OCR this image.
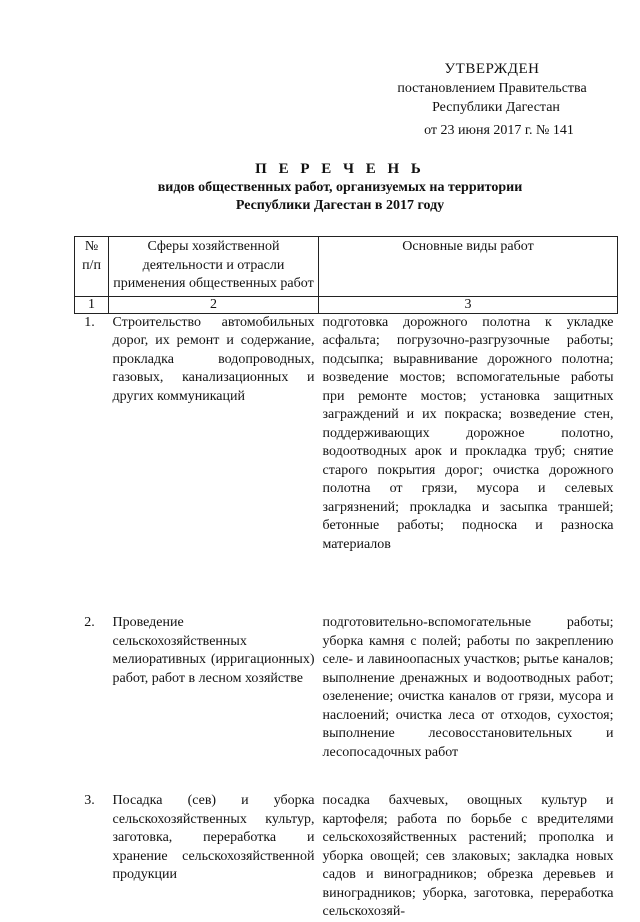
УТВЕРЖДЕН
постановлением Правительства
Республики Дагестан
от 23 июня 2017 г. № 141
П Е Р Е Ч Е Н Ь
видов общественных работ, организуемых на территории
Республики Дагестан в 2017 году
№ п/п	Сферы хозяйственной деятельности и отрасли применения общественных работ	Основные виды работ
1	2	3
1.	Строительство автомобильных дорог, их ремонт и содержание, прокладка водопроводных, газовых, канализационных и других коммуникаций	подготовка дорожного полотна к укладке асфальта; погрузочно-разгрузочные работы; подсыпка; выравнивание дорожного полотна; возведение мостов; вспомогательные работы при ремонте мостов; установка защитных заграждений и их покраска; возведение стен, поддерживающих дорожное полотно, водоотводных арок и прокладка труб; снятие старого покрытия дорог; очистка дорожного полотна от грязи, мусора и селевых загрязнений; прокладка и засыпка траншей; бетонные работы; подноска и разноска материалов
2.	Проведение сельскохозяйственных мелиоративных (ирригационных) работ, работ в лесном хозяйстве	подготовительно-вспомогательные работы; уборка камня с полей; работы по закреплению селе- и лавиноопасных участков; рытье каналов; выполнение дренажных и водоотводных работ; озеленение; очистка каналов от грязи, мусора и наслоений; очистка леса от отходов, сухостоя; выполнение лесовосстановительных и лесопосадочных работ
3.	Посадка (сев) и уборка сельскохозяйственных культур, заготовка, переработка и хранение сельскохозяйственной продукции	посадка бахчевых, овощных культур и картофеля; работа по борьбе с вредителями сельскохозяйственных растений; прополка и уборка овощей; сев злаковых; закладка новых садов и виноградников; обрезка деревьев и виноградников; уборка, заготовка, переработка сельскохозяй-
